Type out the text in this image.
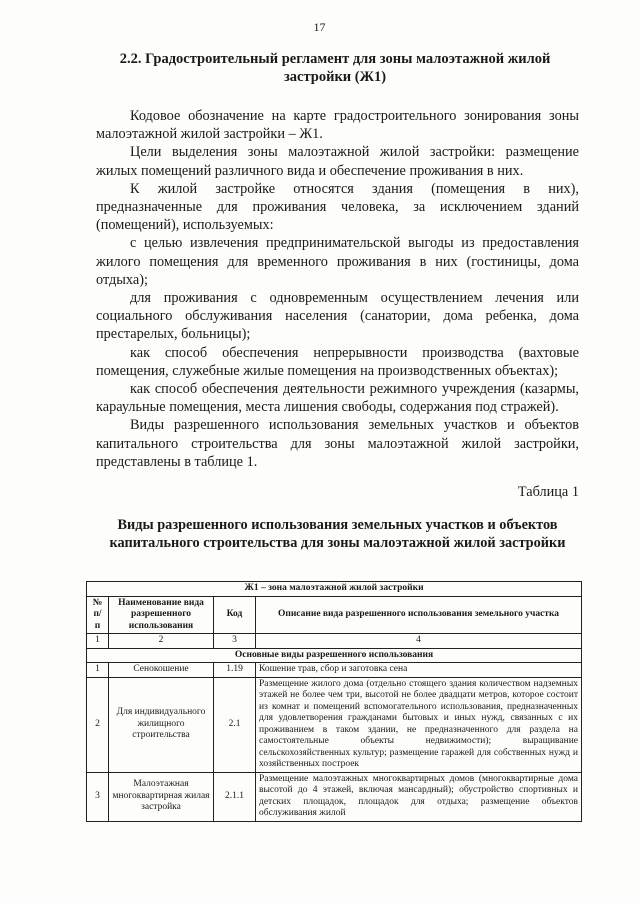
17
2.2. Градостроительный регламент для зоны малоэтажной жилой застройки (Ж1)

Кодовое обозначение на карте градостроительного зонирования зоны малоэтажной жилой застройки – Ж1.

Цели выделения зоны малоэтажной жилой застройки: размещение жилых помещений различного вида и обеспечение проживания в них.

К жилой застройке относятся здания (помещения в них), предназначенные для проживания человека, за исключением зданий (помещений), используемых:

с целью извлечения предпринимательской выгоды из предоставления жилого помещения для временного проживания в них (гостиницы, дома отдыха);

для проживания с одновременным осуществлением лечения или социального обслуживания населения (санатории, дома ребенка, дома престарелых, больницы);

как способ обеспечения непрерывности производства (вахтовые помещения, служебные жилые помещения на производственных объектах);

как способ обеспечения деятельности режимного учреждения (казармы, караульные помещения, места лишения свободы, содержания под стражей).

Виды разрешенного использования земельных участков и объектов капитального строительства для зоны малоэтажной жилой застройки, представлены в таблице 1.

Таблица 1
Виды разрешенного использования земельных участков и объектов капитального строительства для зоны малоэтажной жилой застройки
Ж1 – зона малоэтажной жилой застройки			
№ п/ п	Наименование вида разрешенного использования	Код	Описание вида разрешенного использования земельного участка
1	2	3	4
Основные виды разрешенного использования			
1	Сенокошение	1.19	Кошение трав, сбор и заготовка сена
2	Для индивидуального жилищного строительства	2.1	Размещение жилого дома (отдельно стоящего здания количеством надземных этажей не более чем три, высотой не более двадцати метров, которое состоит из комнат и помещений вспомогательного использования, предназначенных для удовлетворения гражданами бытовых и иных нужд, связанных с их проживанием в таком здании, не предназначенного для раздела на самостоятельные объекты недвижимости); выращивание сельскохозяйственных культур; размещение гаражей для собственных нужд и хозяйственных построек
3	Малоэтажная многоквартирная жилая застройка	2.1.1	Размещение малоэтажных многоквартирных домов (многоквартирные дома высотой до 4 этажей, включая мансардный); обустройство спортивных и детских площадок, площадок для отдыха; размещение объектов обслуживания жилой
